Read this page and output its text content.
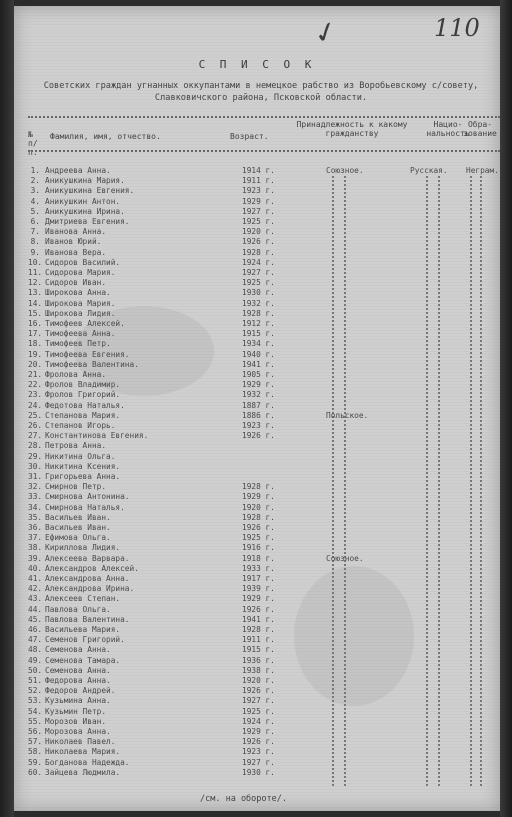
✓	110
С П И С О К
Советских граждан угнанных оккупантами в немецкое рабство из Воробьевскому с/совету, Славковичского района, Псковской области.
№ п/п.
Фамилия, имя, отчество.	Возраст.
Принадлежность к какому гражданству
Нацио- нальность
Обра- зование
1. Андреева Анна.	1914 г.	Союзное.	Русская.	Неграм.
2. Аникушкина Мария.	1911 г.
3. Аникушкина Евгения.	1923 г.
4. Аникушкин Антон.	1929 г.
5. Аникушкина Ирина.	1927 г.
6. Дмитриева Евгения.	1925 г.
7. Иванова Анна.	1920 г.
8. Иванов Юрий.	1926 г.
9. Иванова Вера.	1928 г.
10. Сидоров Василий.	1924 г.
11. Сидорова Мария.	1927 г.
12. Сидоров Иван.	1925 г.
13. Широкова Анна.	1930 г.
14. Широкова Мария.	1932 г.
15. Широкова Лидия.	1928 г.
16. Тимофеев Алексей.	1912 г.
17. Тимофеева Анна.	1915 г.
18. Тимофеев Петр.	1934 г.
19. Тимофеева Евгения.	1940 г.
20. Тимофеева Валентина.	1941 г.
21. Фролова Анна.	1905 г.
22. Фролов Владимир.	1929 г.
23. Фролов Григорий.	1932 г.
24. Федотова Наталья.	1887 г.
25. Степанова Мария.	1886 г.	Польское.
26. Степанов Игорь.	1923 г.
27. Константинова Евгения.	1926 г.
28. Петрова Анна.
29. Никитина Ольга.
30. Никитина Ксения.
31. Григорьева Анна.
32. Смирнов Петр.	1928 г.
33. Смирнова Антонина.	1929 г.
34. Смирнова Наталья.	1920 г.
35. Васильев Иван.	1928 г.
36. Васильев Иван.	1926 г.
37. Ефимова Ольга.	1925 г.
38. Кириллова Лидия.	1916 г.
39. Алексеева Варвара.	1918 г.	Союзное.
40. Александров Алексей.	1933 г.
41. Александрова Анна.	1917 г.
42. Александрова Ирина.	1939 г.
43. Алексеев Степан.	1929 г.
44. Павлова Ольга.	1926 г.
45. Павлова Валентина.	1941 г.
46. Васильева Мария.	1928 г.
47. Семенов Григорий.	1911 г.
48. Семенова Анна.	1915 г.
49. Семенова Тамара.	1936 г.
50. Семенова Анна.	1938 г.
51. Федорова Анна.	1920 г.
52. Федоров Андрей.	1926 г.
53. Кузьмина Анна.	1927 г.
54. Кузьмин Петр.	1925 г.
55. Морозов Иван.	1924 г.
56. Морозова Анна.	1929 г.
57. Николаев Павел.	1926 г.
58. Николаева Мария.	1923 г.
59. Богданова Надежда.	1927 г.
60. Зайцева Людмила.	1930 г.
/см. на обороте/.
